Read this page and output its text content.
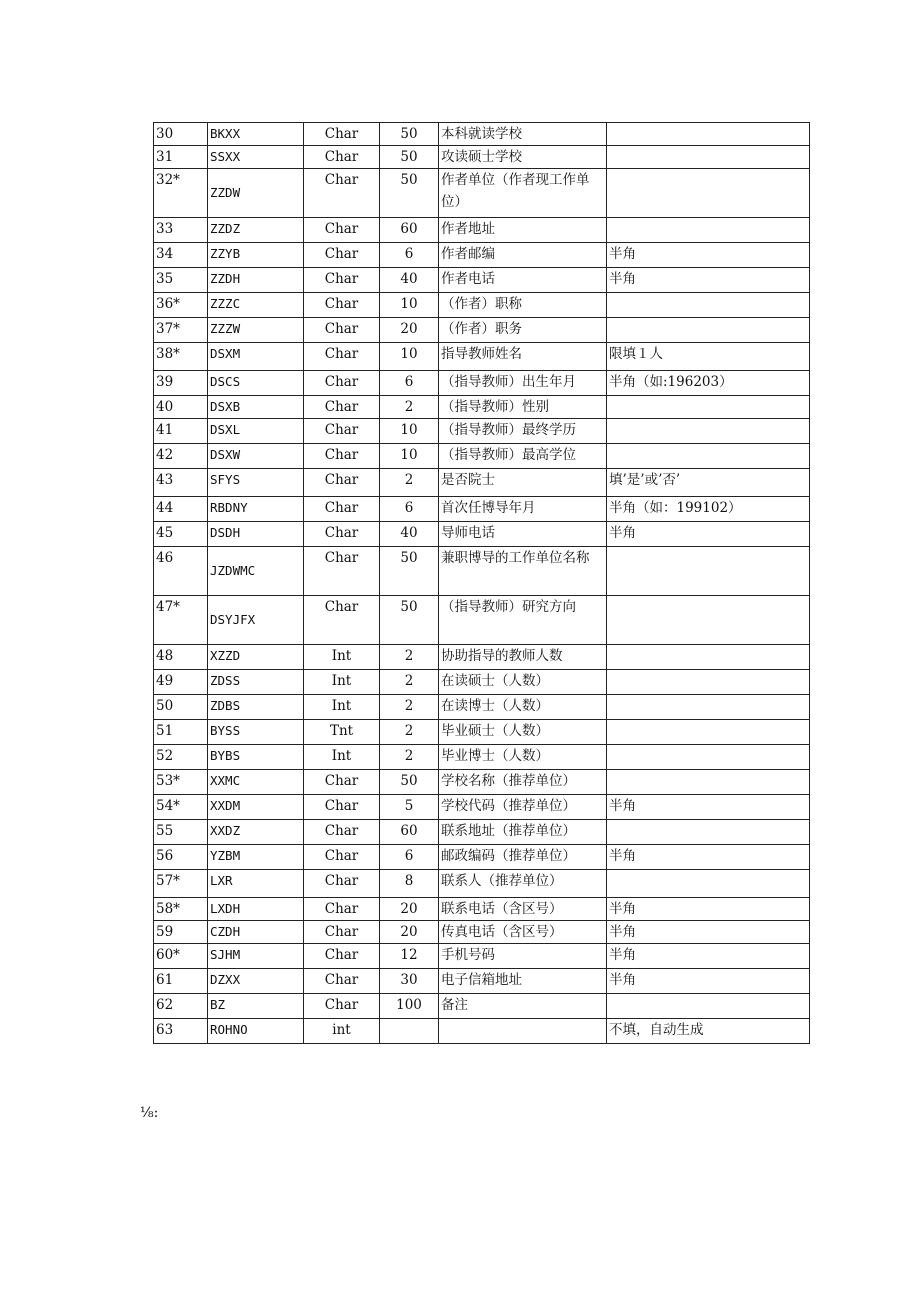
30	BKXX	Char	50	本科就读学校	
31	SSXX	Char	50	攻读硕士学校	
32*	ZZDW	Char	50	作者单位（作者现工作单位）	
33	ZZDZ	Char	60	作者地址	
34	ZZYB	Char	6	作者邮编	半角
35	ZZDH	Char	40	作者电话	半角
36*	ZZZC	Char	10	（作者）职称	
37*	ZZZW	Char	20	（作者）职务	
38*	DSXM	Char	10	指导教师姓名	限填１人
39	DSCS	Char	6	（指导教师）出生年月	半角（如:196203）
40	DSXB	Char	2	（指导教师）性别	
41	DSXL	Char	10	（指导教师）最终学历	
42	DSXW	Char	10	（指导教师）最高学位	
43	SFYS	Char	2	是否院士	填’是’或’否’
44	RBDNY	Char	6	首次任博导年月	半角（如：199102）
45	DSDH	Char	40	导师电话	半角
46	JZDWMC	Char	50	兼职博导的工作单位名称	
47*	DSYJFX	Char	50	（指导教师）研究方向	
48	XZZD	Int	2	协助指导的教师人数	
49	ZDSS	Int	2	在读硕士（人数）	
50	ZDBS	Int	2	在读博士（人数）	
51	BYSS	Tnt	2	毕业硕士（人数）	
52	BYBS	Int	2	毕业博士（人数）	
53*	XXMC	Char	50	学校名称（推荐单位）	
54*	XXDM	Char	5	学校代码（推荐单位）	半角
55	XXDZ	Char	60	联系地址（推荐单位）	
56	YZBM	Char	6	邮政编码（推荐单位）	半角
57*	LXR	Char	8	联系人（推荐单位）	
58*	LXDH	Char	20	联系电话（含区号）	半角
59	CZDH	Char	20	传真电话（含区号）	半角
60*	SJHM	Char	12	手机号码	半角
61	DZXX	Char	30	电子信箱地址	半角
62	BZ	Char	100	备注	
63	ROHNO	int			不填，自动生成
⅛:
